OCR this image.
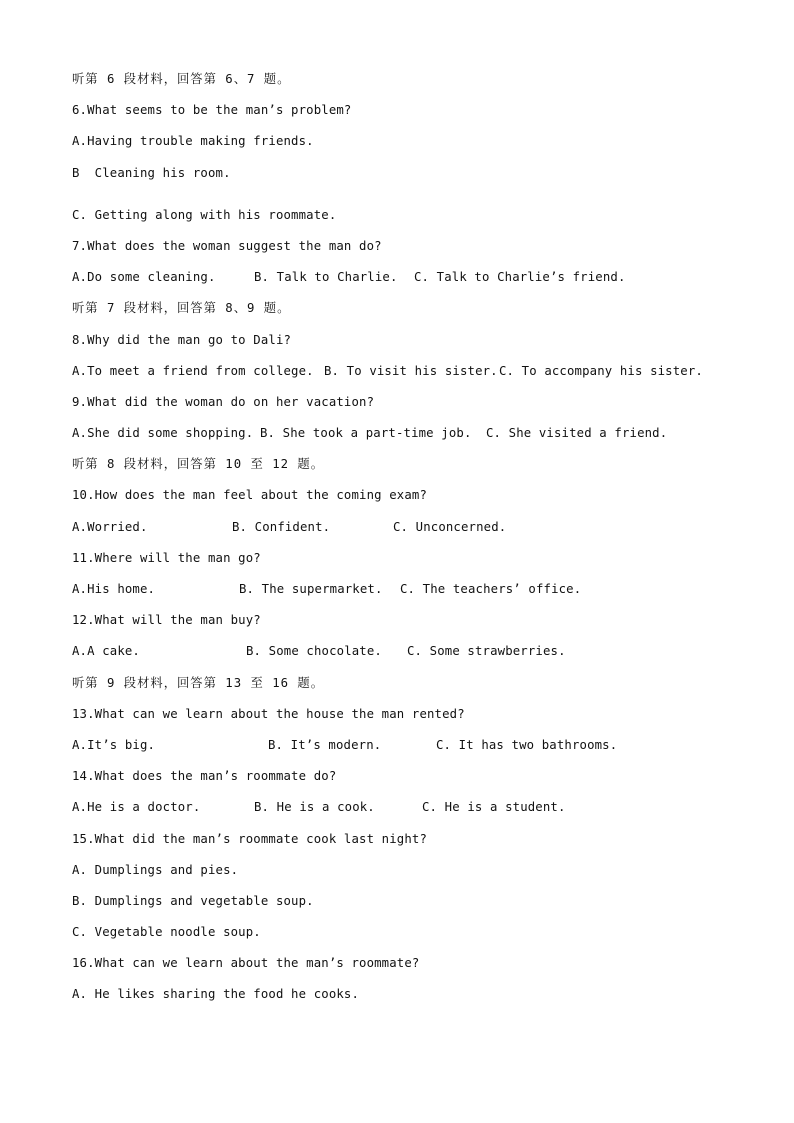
听第 6 段材料，回答第 6、7 题。
6.What seems to be the man’s problem?
A.Having trouble making friends.
B  Cleaning his room.
C. Getting along with his roommate.
7.What does the woman suggest the man do?
A.Do some cleaning.	B. Talk to Charlie. C. Talk to Charlie’s friend.
听第 7 段材料，回答第 8、9 题。
8.Why did the man go to Dali?
A.To meet a friend from college. B. To visit his sister.C. To accompany his sister.
9.What did the woman do on her vacation?
A.She did some shopping. B. She took a part-time job. C. She visited a friend.
听第 8 段材料，回答第 10 至 12 题。
10.How does the man feel about the coming exam?
A.Worried.	B. Confident.	C. Unconcerned.
11.Where will the man go?
A.His home.	B. The supermarket. C. The teachers’ office.
12.What will the man buy?
A.A cake.	B. Some chocolate. C. Some strawberries.
听第 9 段材料，回答第 13 至 16 题。
13.What can we learn about the house the man rented?
A.It’s big.	B. It’s modern.	C. It has two bathrooms.
14.What does the man’s roommate do?
A.He is a doctor.	B. He is a cook.	C. He is a student.
15.What did the man’s roommate cook last night?
A. Dumplings and pies.
B. Dumplings and vegetable soup.
C. Vegetable noodle soup.
16.What can we learn about the man’s roommate?
A. He likes sharing the food he cooks.
